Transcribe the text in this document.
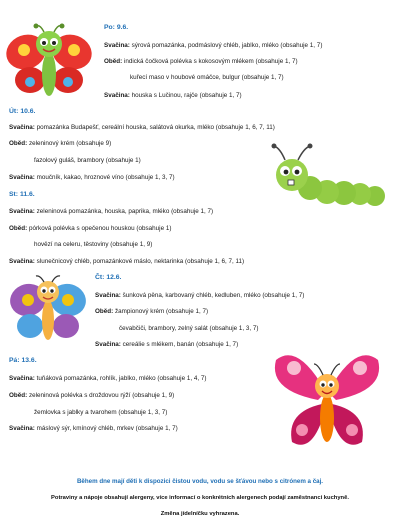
Po: 9.6.
Svačina: sýrová pomazánka, podmáslový chléb, jablko, mléko (obsahuje 1, 7)
Oběd: indická čočková polévka s kokosovým mlékem (obsahuje 1, 7)
kuřecí maso v houbové omáčce, bulgur (obsahuje 1, 7)
Svačina: houska s Lučinou, rajče (obsahuje 1, 7)
Út: 10.6.
Svačina: pomazánka Budapešť, cereální houska, salátová okurka, mléko (obsahuje 1, 6, 7, 11)
Oběd: zeleninový krém (obsahuje 9)
fazolový guláš, brambory (obsahuje 1)
Svačina: moučník, kakao, hroznové víno (obsahuje 1, 3, 7)
St: 11.6.
Svačina: zeleninová pomazánka, houska, paprika, mléko (obsahuje 1, 7)
Oběd: pórková polévka s opečenou houskou (obsahuje 1)
hovězí na celeru, těstoviny (obsahuje 1, 9)
Svačina: slunečnicový chléb, pomazánkové máslo, nektarinka (obsahuje 1, 6, 7, 11)
Čt: 12.6.
Svačina: šunková pěna, karbovaný chléb, kedluben, mléko (obsahuje 1, 7)
Oběd: žampionový krém (obsahuje 1, 7)
čevabčiči, brambory, zelný salát (obsahuje 1, 3, 7)
Svačina: cereálie s mlékem, banán (obsahuje 1, 7)
Pá: 13.6.
Svačina: tuňáková pomazánka, rohlík, jablko, mléko (obsahuje 1, 4, 7)
Oběd: zeleninová polévka s droždovou rýží (obsahuje 1, 9)
žemlovka s jablky a tvarohem (obsahuje 1, 3, 7)
Svačina: máslový sýr, kmínový chléb, mrkev (obsahuje 1, 7)
Během dne mají děti k dispozici čistou vodu, vodu se šťávou nebo s citrónem a čaj.
Potraviny a nápoje obsahují alergeny, více informací o konkrétních alergenech podají zaměstnanci kuchyně.
Změna jídelníčku vyhrazena.
